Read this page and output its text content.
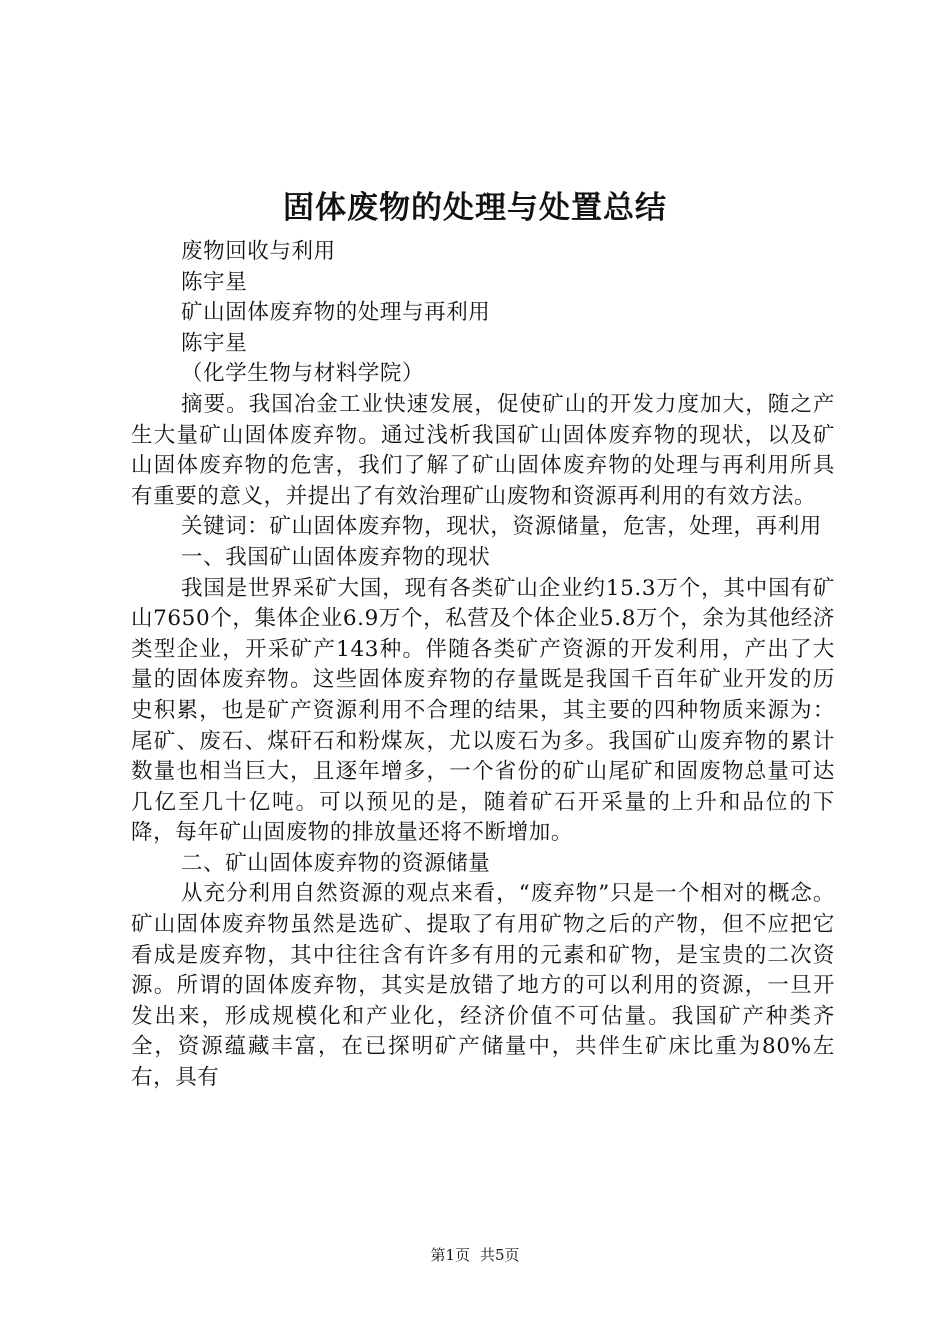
固体废物的处理与处置总结

废物回收与利用

陈宇星

矿山固体废弃物的处理与再利用

陈宇星

（化学生物与材料学院）

摘要。我国冶金工业快速发展，促使矿山的开发力度加大，随之产生大量矿山固体废弃物。通过浅析我国矿山固体废弃物的现状，以及矿山固体废弃物的危害，我们了解了矿山固体废弃物的处理与再利用所具有重要的意义，并提出了有效治理矿山废物和资源再利用的有效方法。

关键词：矿山固体废弃物，现状，资源储量，危害，处理，再利用

一、我国矿山固体废弃物的现状

我国是世界采矿大国，现有各类矿山企业约15.3万个，其中国有矿山7650个，集体企业6.9万个，私营及个体企业5.8万个，余为其他经济类型企业，开采矿产143种。伴随各类矿产资源的开发利用，产出了大量的固体废弃物。这些固体废弃物的存量既是我国千百年矿业开发的历史积累，也是矿产资源利用不合理的结果，其主要的四种物质来源为：尾矿、废石、煤矸石和粉煤灰，尤以废石为多。我国矿山废弃物的累计数量也相当巨大，且逐年增多，一个省份的矿山尾矿和固废物总量可达几亿至几十亿吨。可以预见的是，随着矿石开采量的上升和品位的下降，每年矿山固废物的排放量还将不断增加。

二、矿山固体废弃物的资源储量

从充分利用自然资源的观点来看，“废弃物”只是一个相对的概念。矿山固体废弃物虽然是选矿、提取了有用矿物之后的产物，但不应把它看成是废弃物，其中往往含有许多有用的元素和矿物，是宝贵的二次资源。所谓的固体废弃物，其实是放错了地方的可以利用的资源，一旦开发出来，形成规模化和产业化，经济价值不可估量。我国矿产种类齐全，资源蕴藏丰富，在已探明矿产储量中，共伴生矿床比重为80%左右，具有

第1页 共5页
